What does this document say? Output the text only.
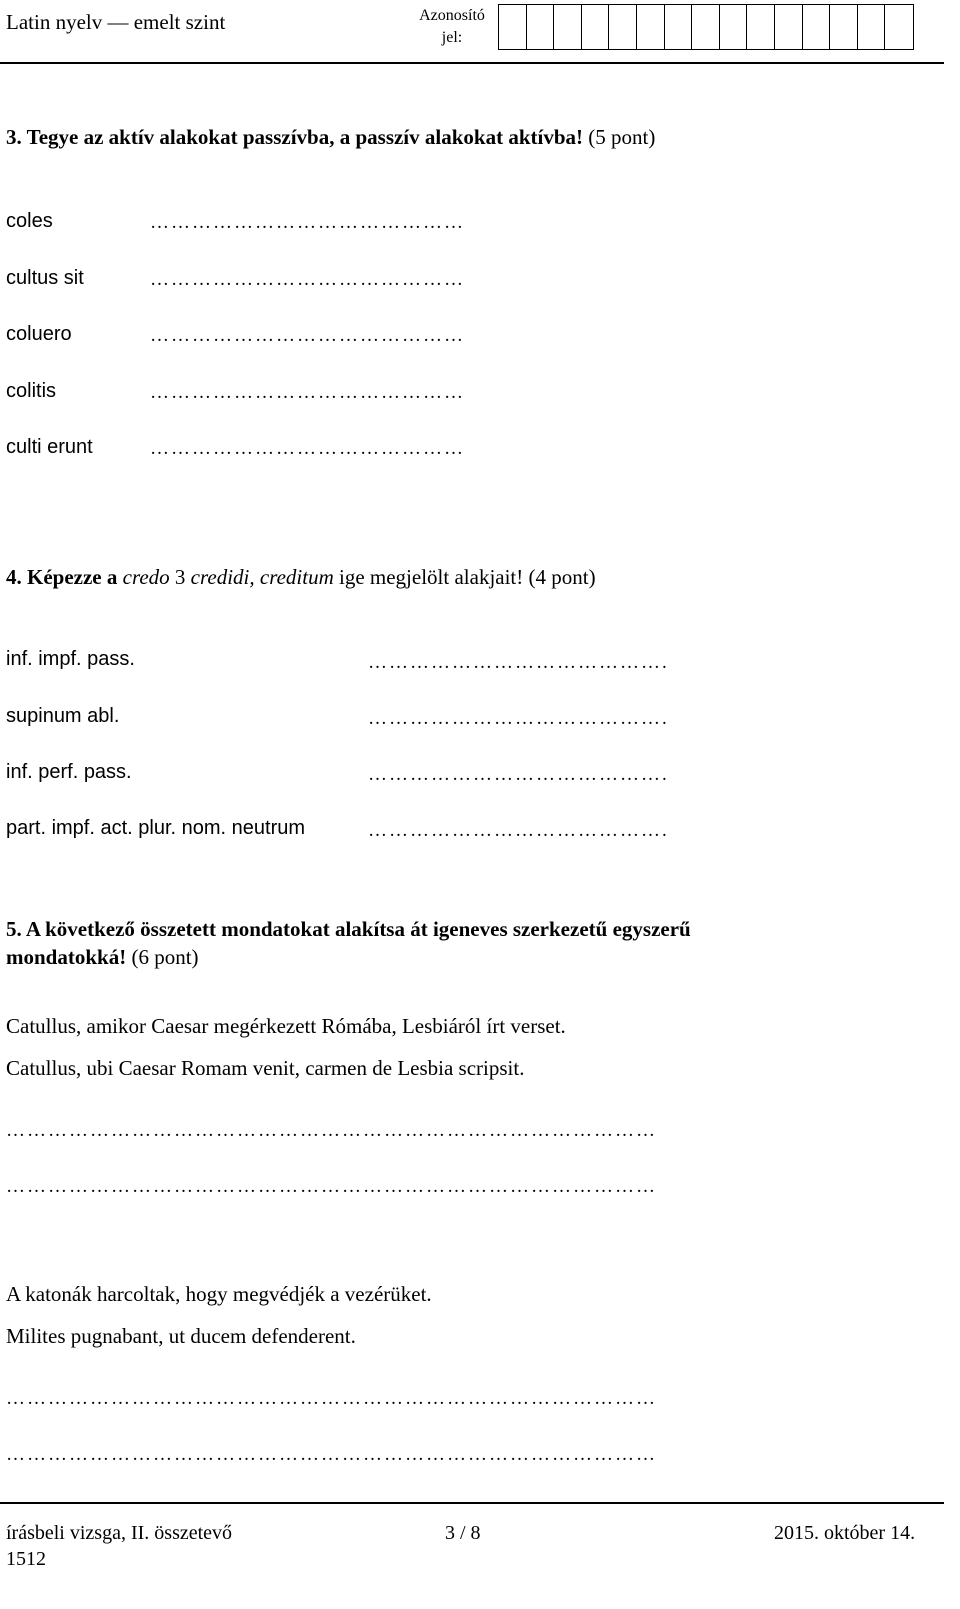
Latin nyelv — emelt szint	Azonosító
jel:
3. Tegye az aktív alakokat passzívba, a passzív alakokat aktívba! (5 pont)
coles	………………………………………
cultus sit	………………………………………
coluero	………………………………………
colitis	………………………………………
culti erunt	………………………………………
4. Képezze a credo 3 credidi, creditum ige megjelölt alakjait! (4 pont)
inf. impf. pass.	…………………………………….
supinum abl.	…………………………………….
inf. perf. pass.	…………………………………….
part. impf. act. plur. nom. neutrum	…………………………………….
5. A következő összetett mondatokat alakítsa át igeneves szerkezetű egyszerű
mondatokká! (6 pont)
Catullus, amikor Caesar megérkezett Rómába, Lesbiáról írt verset.
Catullus, ubi Caesar Romam venit, carmen de Lesbia scripsit.
…………………………………………………………………………………
…………………………………………………………………………………
A katonák harcoltak, hogy megvédjék a vezérüket.
Milites pugnabant, ut ducem defenderent.
…………………………………………………………………………………
…………………………………………………………………………………
írásbeli vizsga, II. összetevő
1512
3 / 8	2015. október 14.
